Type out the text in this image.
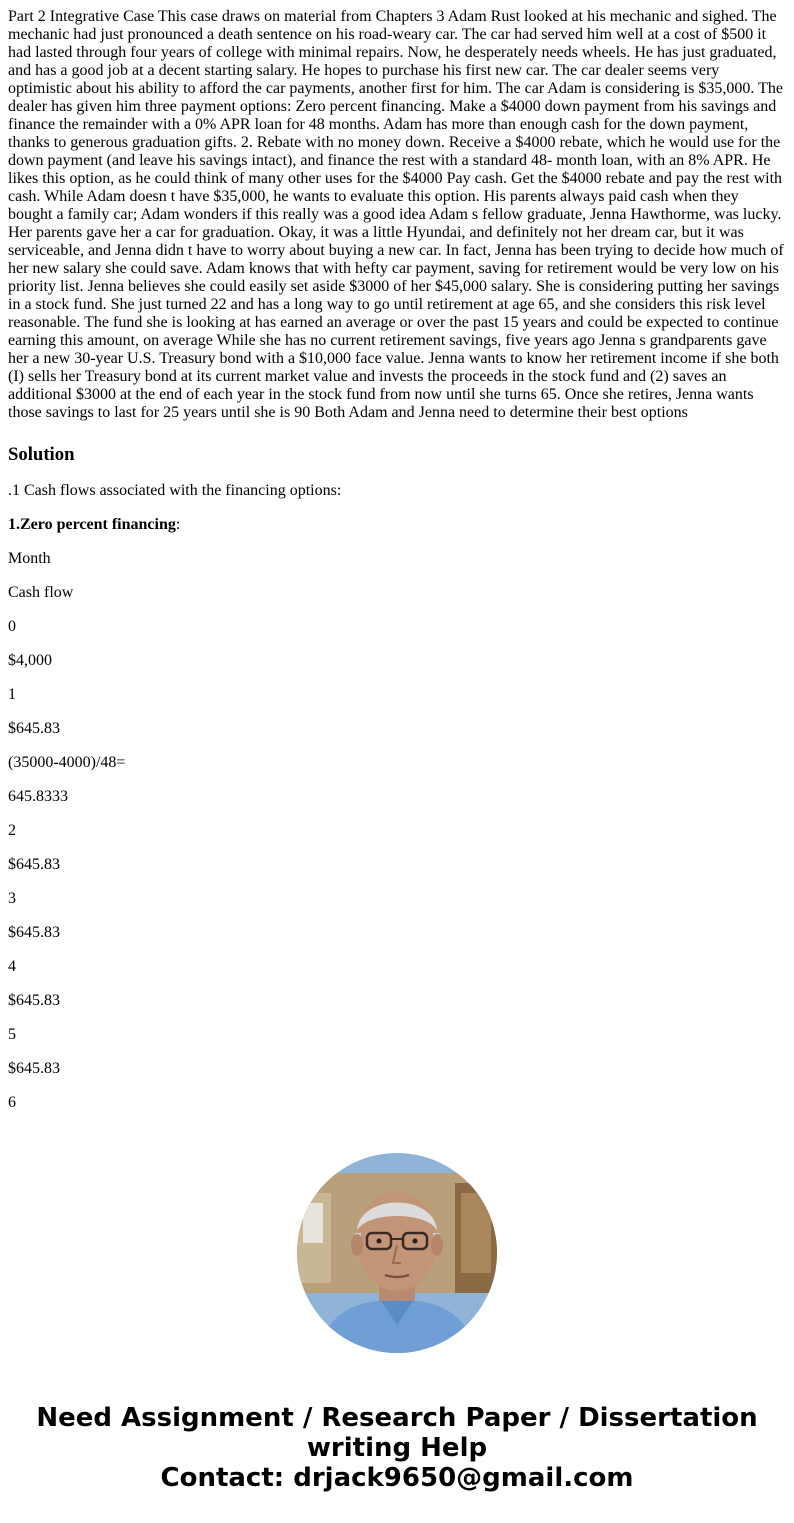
Part 2 Integrative Case This case draws on material from Chapters 3 Adam Rust looked at his mechanic and sighed. The mechanic had just pronounced a death sentence on his road-weary car. The car had served him well at a cost of $500 it had lasted through four years of college with minimal repairs. Now, he desperately needs wheels. He has just graduated, and has a good job at a decent starting salary. He hopes to purchase his first new car. The car dealer seems very optimistic about his ability to afford the car payments, another first for him. The car Adam is considering is $35,000. The dealer has given him three payment options: Zero percent financing. Make a $4000 down payment from his savings and finance the remainder with a 0% APR loan for 48 months. Adam has more than enough cash for the down payment, thanks to generous graduation gifts. 2. Rebate with no money down. Receive a $4000 rebate, which he would use for the down payment (and leave his savings intact), and finance the rest with a standard 48- month loan, with an 8% APR. He likes this option, as he could think of many other uses for the $4000 Pay cash. Get the $4000 rebate and pay the rest with cash. While Adam doesn t have $35,000, he wants to evaluate this option. His parents always paid cash when they bought a family car; Adam wonders if this really was a good idea Adam s fellow graduate, Jenna Hawthorme, was lucky. Her parents gave her a car for graduation. Okay, it was a little Hyundai, and definitely not her dream car, but it was serviceable, and Jenna didn t have to worry about buying a new car. In fact, Jenna has been trying to decide how much of her new salary she could save. Adam knows that with hefty car payment, saving for retirement would be very low on his priority list. Jenna believes she could easily set aside $3000 of her $45,000 salary. She is considering putting her savings in a stock fund. She just turned 22 and has a long way to go until retirement at age 65, and she considers this risk level reasonable. The fund she is looking at has earned an average or over the past 15 years and could be expected to continue earning this amount, on average While she has no current retirement savings, five years ago Jenna s grandparents gave her a new 30-year U.S. Treasury bond with a $10,000 face value. Jenna wants to know her retirement income if she both (I) sells her Treasury bond at its current market value and invests the proceeds in the stock fund and (2) saves an additional $3000 at the end of each year in the stock fund from now until she turns 65. Once she retires, Jenna wants those savings to last for 25 years until she is 90 Both Adam and Jenna need to determine their best options

Solution

.1 Cash flows associated with the financing options:

1.Zero percent financing:

Month

Cash flow

0

$4,000

1

$645.83

(35000-4000)/48=

645.8333

2

$645.83

3

$645.83

4

$645.83

5

$645.83

6

Need Assignment / Research Paper / Dissertation
writing Help
Contact: drjack9650@gmail.com
